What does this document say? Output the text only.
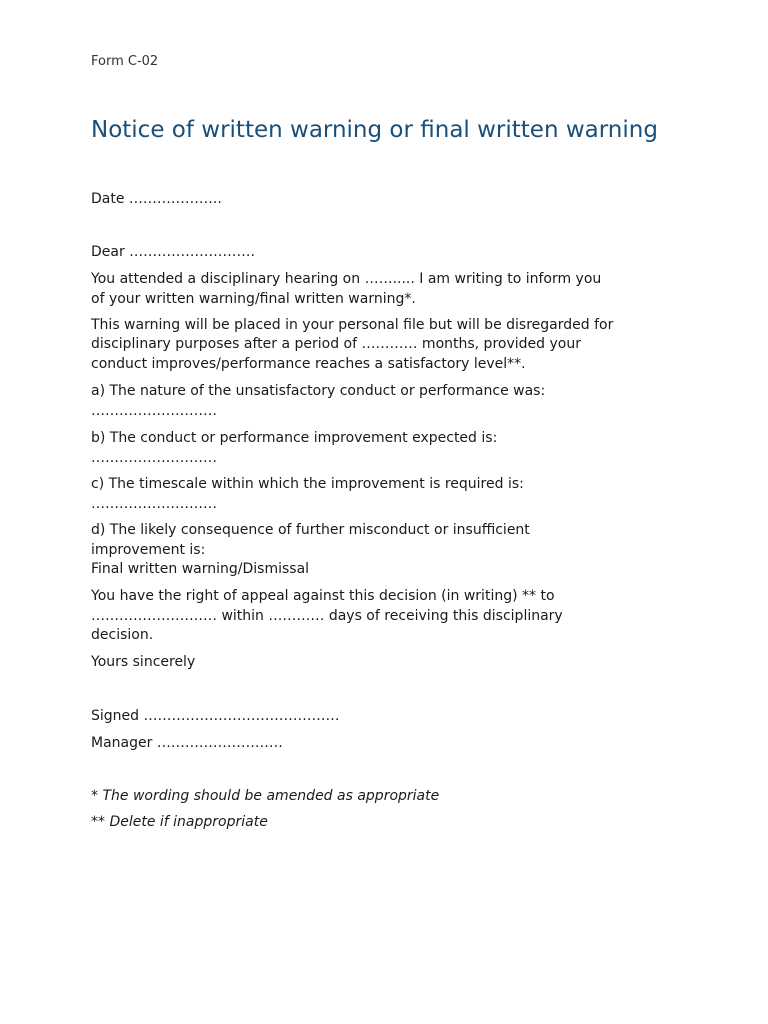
Form C-02
Notice of written warning or final written warning

Date ………………..

Dear ………………………

You attended a disciplinary hearing on ……..... I am writing to inform you

of your written warning/final written warning*.

This warning will be placed in your personal file but will be disregarded for

disciplinary purposes after a period of ………… months, provided your

conduct improves/performance reaches a satisfactory level**.

a) The nature of the unsatisfactory conduct or performance was:

………………………

b) The conduct or performance improvement expected is:

………………………

c) The timescale within which the improvement is required is:

………………………

d) The likely consequence of further misconduct or insufficient

improvement is:

Final written warning/Dismissal

You have the right of appeal against this decision (in writing) ** to

……………………… within ………… days of receiving this disciplinary

decision.

Yours sincerely

Signed ……………………………………

Manager ………………………

* The wording should be amended as appropriate

** Delete if inappropriate
